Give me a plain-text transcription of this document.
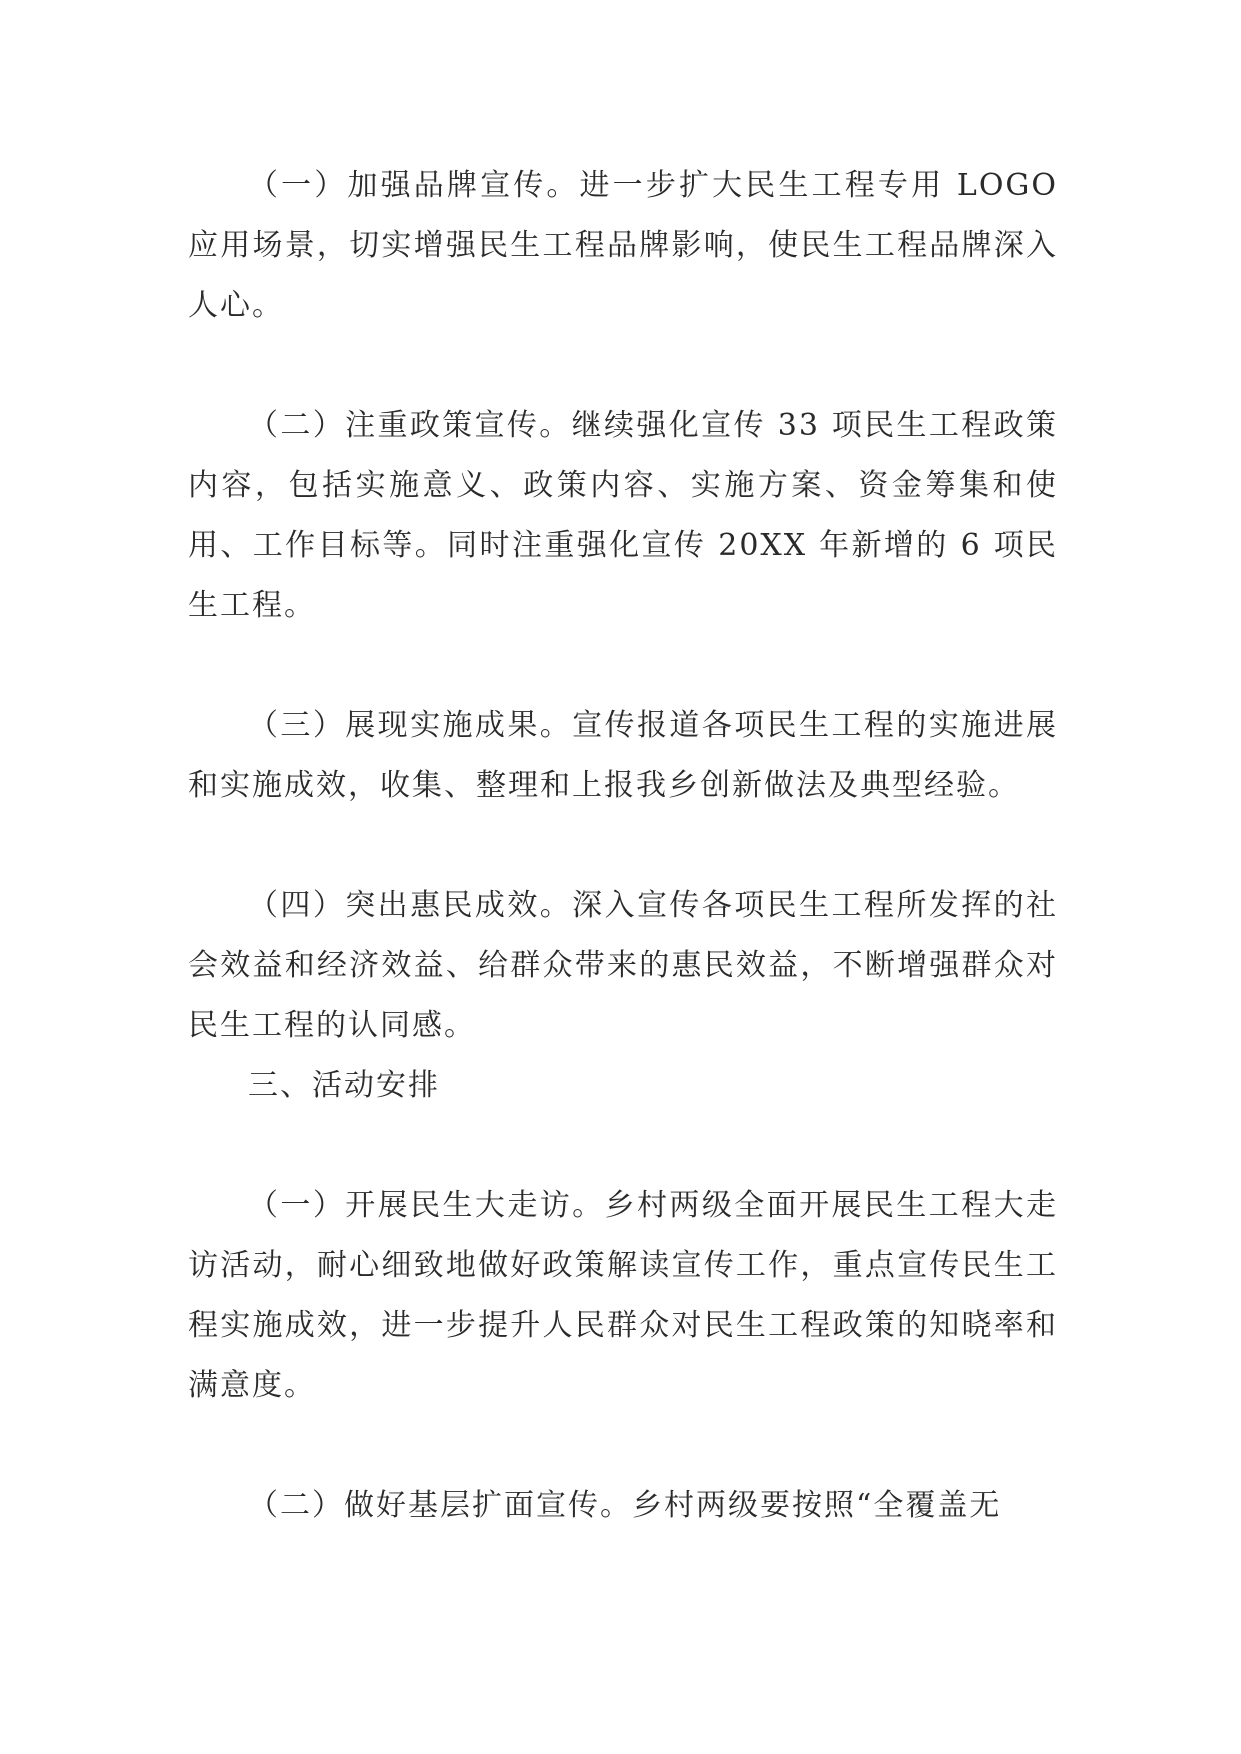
（一）加强品牌宣传。进一步扩大民生工程专用 LOGO 应用场景，切实增强民生工程品牌影响，使民生工程品牌深入人心。

（二）注重政策宣传。继续强化宣传 33 项民生工程政策内容，包括实施意义、政策内容、实施方案、资金筹集和使用、工作目标等。同时注重强化宣传 20XX 年新增的 6 项民生工程。

（三）展现实施成果。宣传报道各项民生工程的实施进展和实施成效，收集、整理和上报我乡创新做法及典型经验。

（四）突出惠民成效。深入宣传各项民生工程所发挥的社会效益和经济效益、给群众带来的惠民效益，不断增强群众对民生工程的认同感。

三、活动安排

（一）开展民生大走访。乡村两级全面开展民生工程大走访活动，耐心细致地做好政策解读宣传工作，重点宣传民生工程实施成效，进一步提升人民群众对民生工程政策的知晓率和满意度。

（二）做好基层扩面宣传。乡村两级要按照“全覆盖无
